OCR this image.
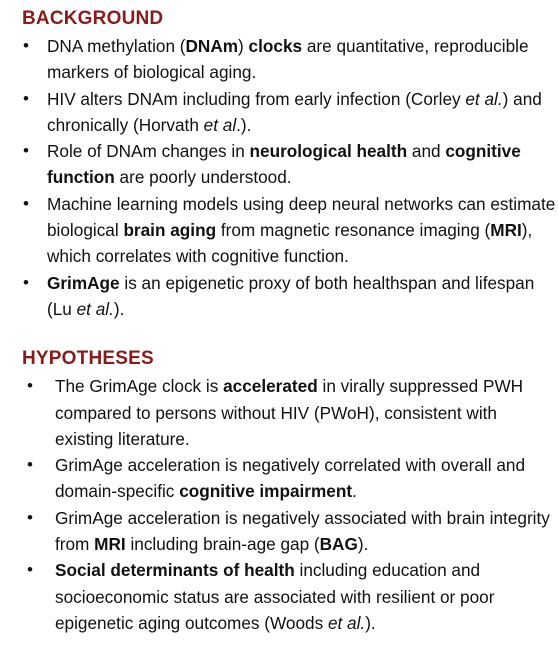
BACKGROUND
• DNA methylation (DNAm) clocks are quantitative, reproducible markers of biological aging.
• HIV alters DNAm including from early infection (Corley et al.) and chronically (Horvath et al.).
• Role of DNAm changes in neurological health and cognitive function are poorly understood.
• Machine learning models using deep neural networks can estimate biological brain aging from magnetic resonance imaging (MRI), which correlates with cognitive function.
• GrimAge is an epigenetic proxy of both healthspan and lifespan (Lu et al.).
HYPOTHESES
• The GrimAge clock is accelerated in virally suppressed PWH compared to persons without HIV (PWoH), consistent with existing literature.
• GrimAge acceleration is negatively correlated with overall and domain-specific cognitive impairment.
• GrimAge acceleration is negatively associated with brain integrity from MRI including brain-age gap (BAG).
• Social determinants of health including education and socioeconomic status are associated with resilient or poor epigenetic aging outcomes (Woods et al.).
